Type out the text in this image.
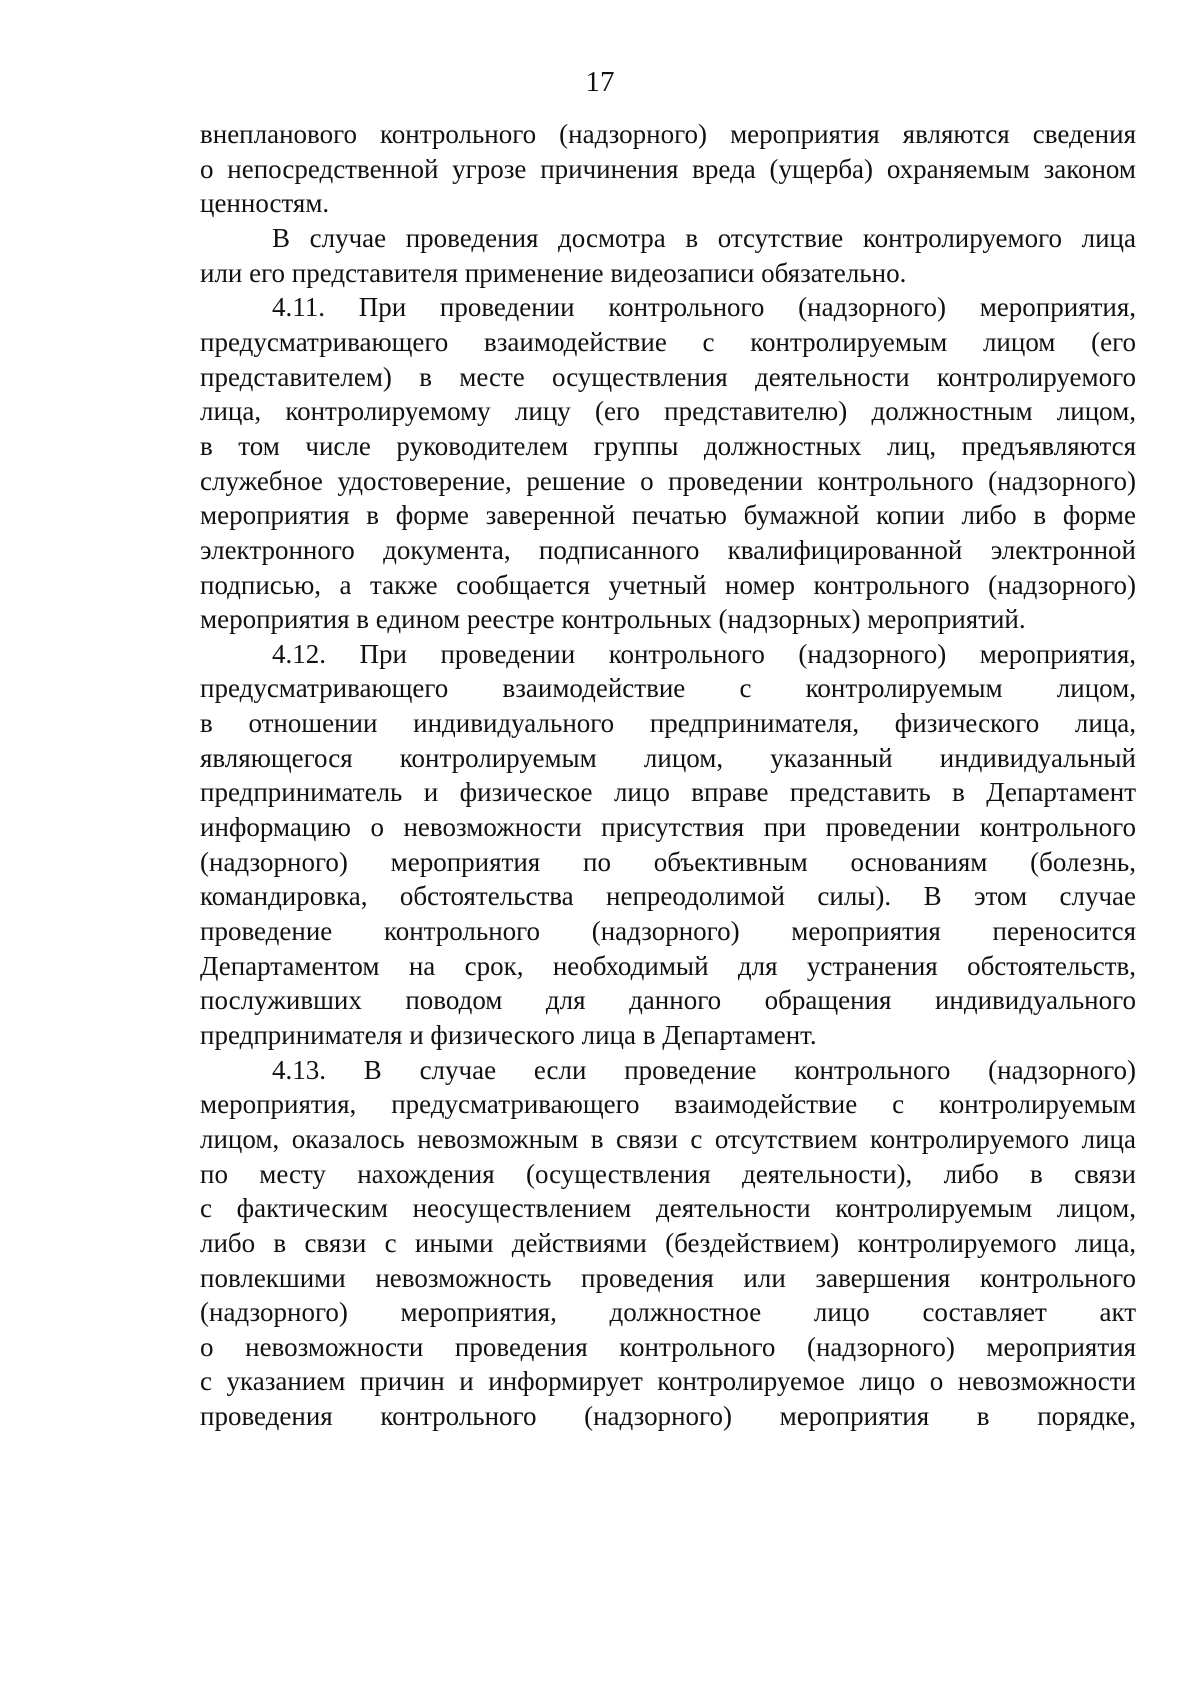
17
внепланового контрольного (надзорного) мероприятия являются сведения
о непосредственной угрозе причинения вреда (ущерба) охраняемым законом
ценностям.
В случае проведения досмотра в отсутствие контролируемого лица
или его представителя применение видеозаписи обязательно.
4.11. При проведении контрольного (надзорного) мероприятия,
предусматривающего взаимодействие с контролируемым лицом (его
представителем) в месте осуществления деятельности контролируемого
лица, контролируемому лицу (его представителю) должностным лицом,
в том числе руководителем группы должностных лиц, предъявляются
служебное удостоверение, решение о проведении контрольного (надзорного)
мероприятия в форме заверенной печатью бумажной копии либо в форме
электронного документа, подписанного квалифицированной электронной
подписью, а также сообщается учетный номер контрольного (надзорного)
мероприятия в едином реестре контрольных (надзорных) мероприятий.
4.12. При проведении контрольного (надзорного) мероприятия,
предусматривающего взаимодействие с контролируемым лицом,
в отношении индивидуального предпринимателя, физического лица,
являющегося контролируемым лицом, указанный индивидуальный
предприниматель и физическое лицо вправе представить в Департамент
информацию о невозможности присутствия при проведении контрольного
(надзорного) мероприятия по объективным основаниям (болезнь,
командировка, обстоятельства непреодолимой силы). В этом случае
проведение контрольного (надзорного) мероприятия переносится
Департаментом на срок, необходимый для устранения обстоятельств,
послуживших поводом для данного обращения индивидуального
предпринимателя и физического лица в Департамент.
4.13. В случае если проведение контрольного (надзорного)
мероприятия, предусматривающего взаимодействие с контролируемым
лицом, оказалось невозможным в связи с отсутствием контролируемого лица
по месту нахождения (осуществления деятельности), либо в связи
с фактическим неосуществлением деятельности контролируемым лицом,
либо в связи с иными действиями (бездействием) контролируемого лица,
повлекшими невозможность проведения или завершения контрольного
(надзорного) мероприятия, должностное лицо составляет акт
о невозможности проведения контрольного (надзорного) мероприятия
с указанием причин и информирует контролируемое лицо о невозможности
проведения контрольного (надзорного) мероприятия в порядке,
